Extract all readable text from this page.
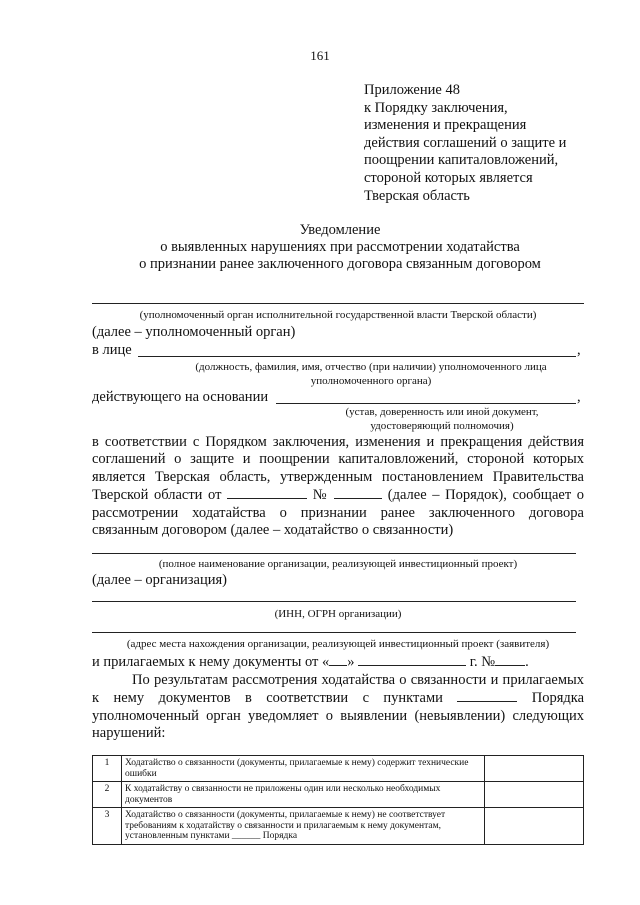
161
Приложение 48
к Порядку заключения,
изменения и прекращения
действия соглашений о защите и
поощрении капиталовложений,
стороной которых является
Тверская область
Уведомление
о выявленных нарушениях при рассмотрении ходатайства
о признании ранее заключенного договора связанным договором
(уполномоченный орган исполнительной государственной власти Тверской области)
(далее – уполномоченный орган)
в лице	,
(должность, фамилия, имя, отчество (при наличии) уполномоченного лица
уполномоченного органа)
действующего на основании	,
(устав, доверенность или иной документ,
удостоверяющий полномочия)
в соответствии с Порядком заключения, изменения и прекращения действия соглашений о защите и поощрении капиталовложений, стороной которых является Тверская область, утвержденным постановлением Правительства Тверской области от	№	(далее – Порядок), сообщает о рассмотрении ходатайства о признании ранее заключенного договора связанным договором (далее – ходатайство о связанности)
(полное наименование организации, реализующей инвестиционный проект)
(далее – организация)
(ИНН, ОГРН организации)
(адрес места нахождения организации, реализующей инвестиционный проект (заявителя)
и прилагаемых к нему документы от « »	г. № .
По результатам рассмотрения ходатайства о связанности и прилагаемых к нему документов в соответствии с пунктами	Порядка уполномоченный орган уведомляет о выявлении (невыявлении) следующих нарушений:
1	Ходатайство о связанности (документы, прилагаемые к нему) содержит технические ошибки	
2	К ходатайству о связанности не приложены один или несколько необходимых документов	
3	Ходатайство о связанности (документы, прилагаемые к нему) не соответствует требованиям к ходатайству о связанности и прилагаемым к нему документам, установленным пунктами ______ Порядка	
